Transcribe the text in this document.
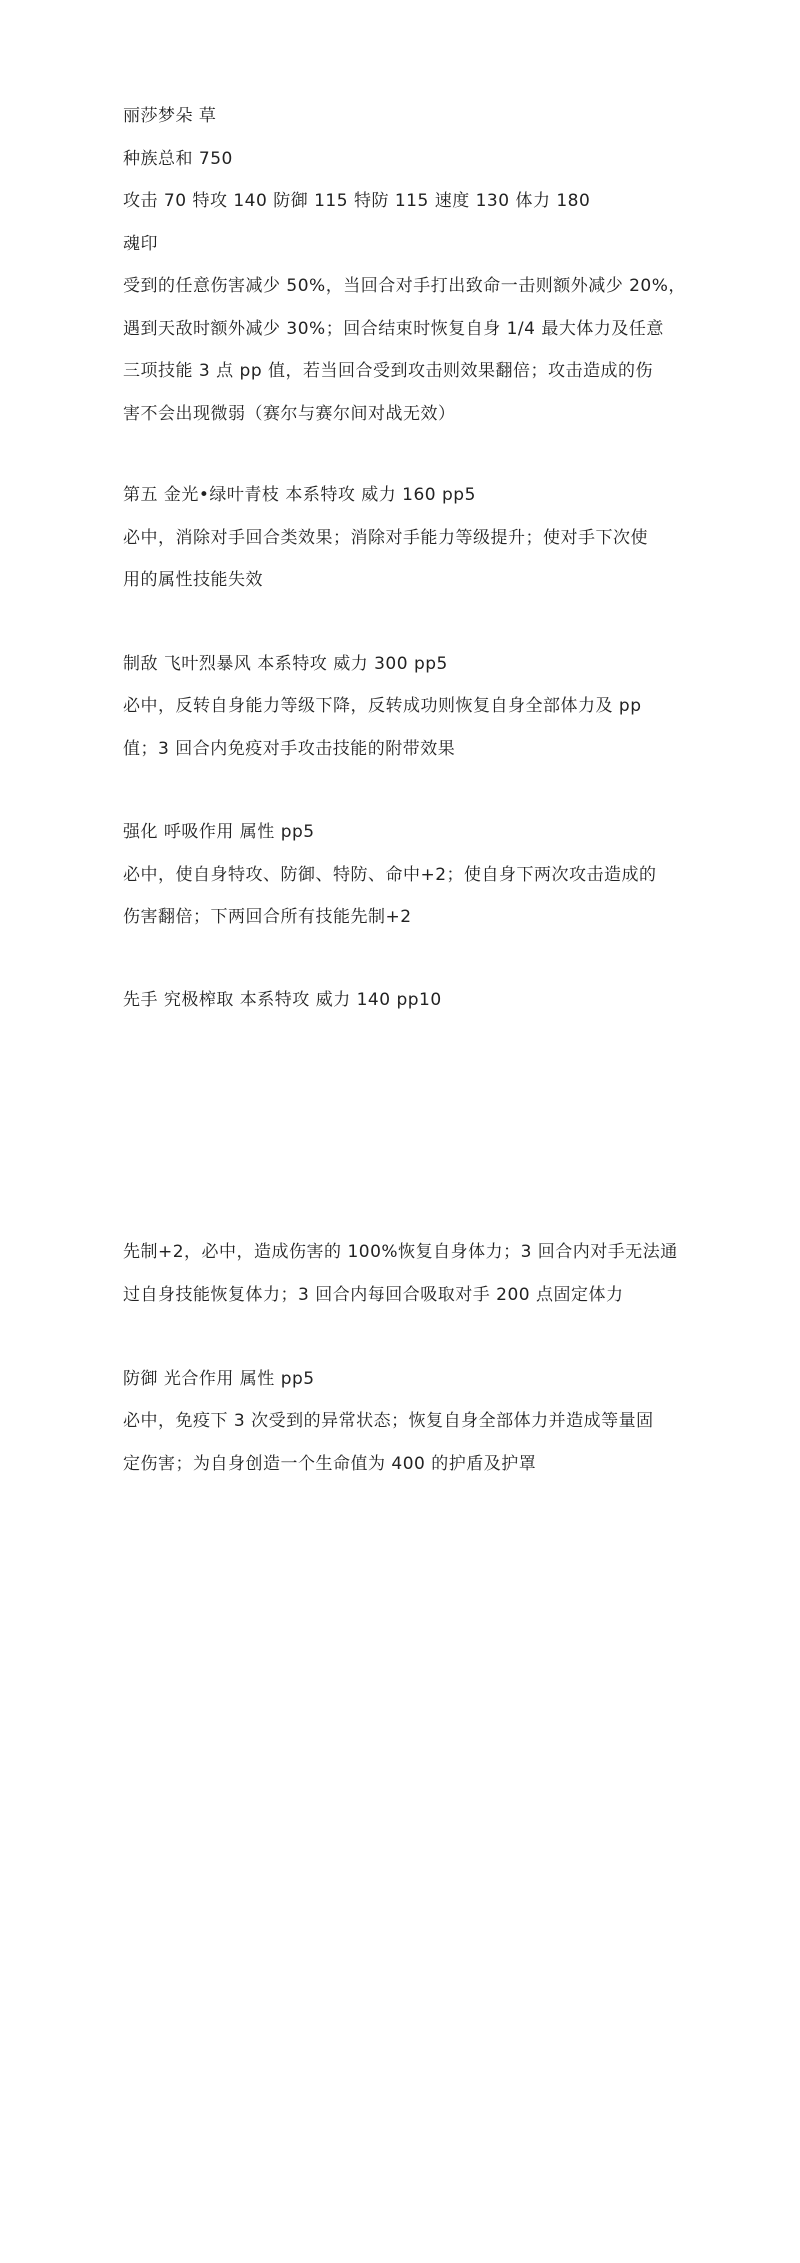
丽莎梦朵 草
种族总和 750
攻击 70 特攻 140 防御 115 特防 115 速度 130 体力 180
魂印
受到的任意伤害减少 50%，当回合对手打出致命一击则额外减少 20%，
遇到天敌时额外减少 30%；回合结束时恢复自身 1/4 最大体力及任意
三项技能 3 点 pp 值，若当回合受到攻击则效果翻倍；攻击造成的伤
害不会出现微弱（赛尔与赛尔间对战无效）
第五 金光•绿叶青枝 本系特攻 威力 160 pp5
必中，消除对手回合类效果；消除对手能力等级提升；使对手下次使
用的属性技能失效
制敌 飞叶烈暴风 本系特攻 威力 300 pp5
必中，反转自身能力等级下降，反转成功则恢复自身全部体力及 pp
值；3 回合内免疫对手攻击技能的附带效果
强化 呼吸作用 属性 pp5
必中，使自身特攻、防御、特防、命中+2；使自身下两次攻击造成的
伤害翻倍；下两回合所有技能先制+2
先手 究极榨取 本系特攻 威力 140 pp10
先制+2，必中，造成伤害的 100%恢复自身体力；3 回合内对手无法通
过自身技能恢复体力；3 回合内每回合吸取对手 200 点固定体力
防御 光合作用 属性 pp5
必中，免疫下 3 次受到的异常状态；恢复自身全部体力并造成等量固
定伤害；为自身创造一个生命值为 400 的护盾及护罩
